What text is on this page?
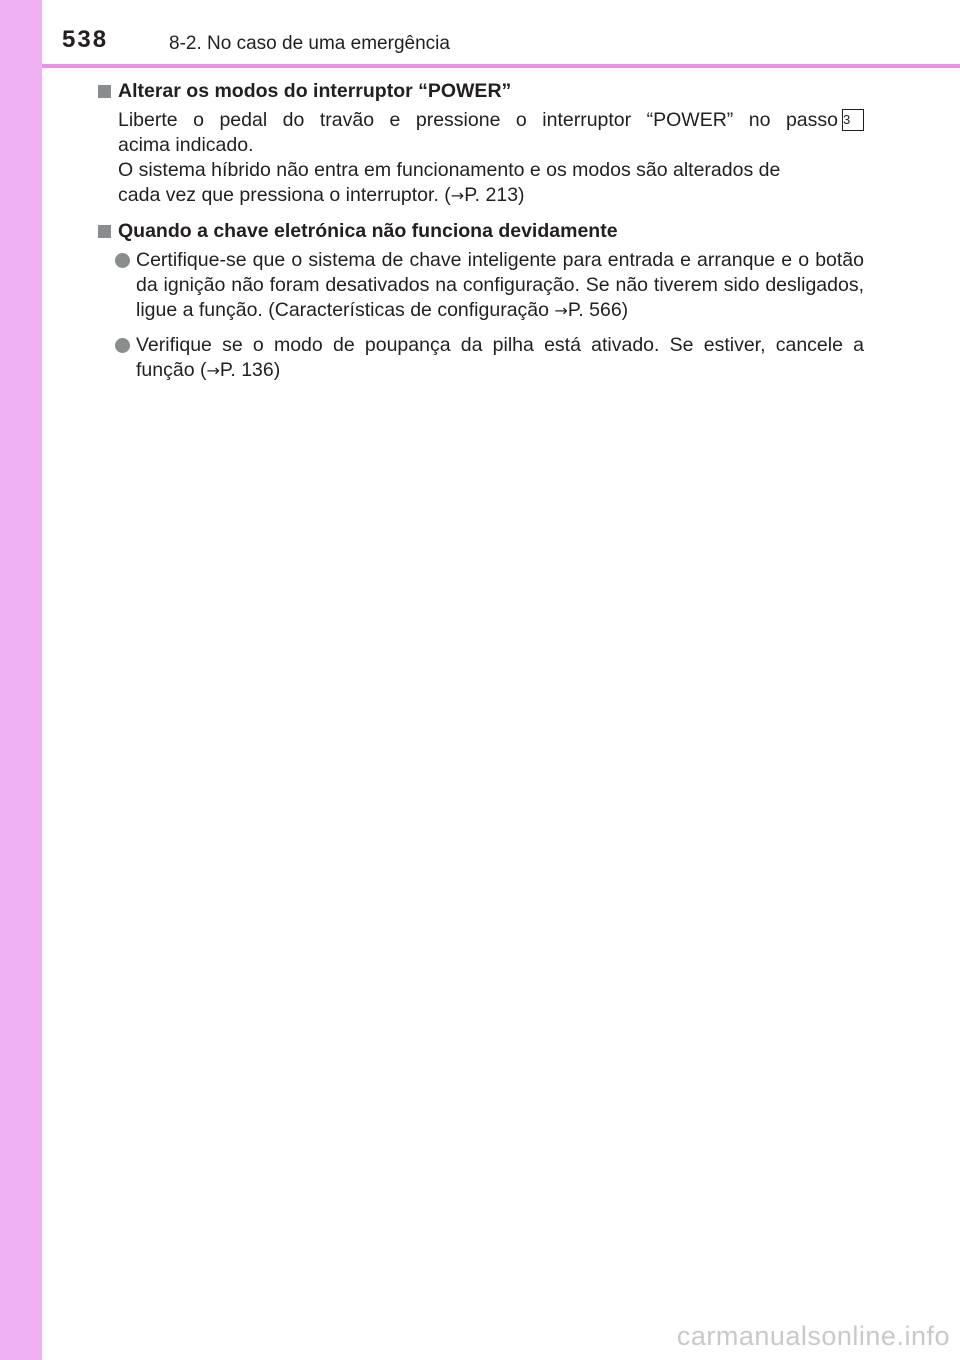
538	8-2. No caso de uma emergência

Alterar os modos do interruptor “POWER”

Liberte o pedal do travão e pressione o interruptor “POWER” no passo 3
acima indicado.
O sistema híbrido não entra em funcionamento e os modos são alterados de
cada vez que pressiona o interruptor. (→P. 213)

Quando a chave eletrónica não funciona devidamente

Certifique-se que o sistema de chave inteligente para entrada e arranque e o botão da ignição não foram desativados na configuração. Se não tiverem sido desligados, ligue a função. (Características de configuração →P. 566)
Verifique se o modo de poupança da pilha está ativado. Se estiver, cancele a função (→P. 136)
carmanualsonline.info
